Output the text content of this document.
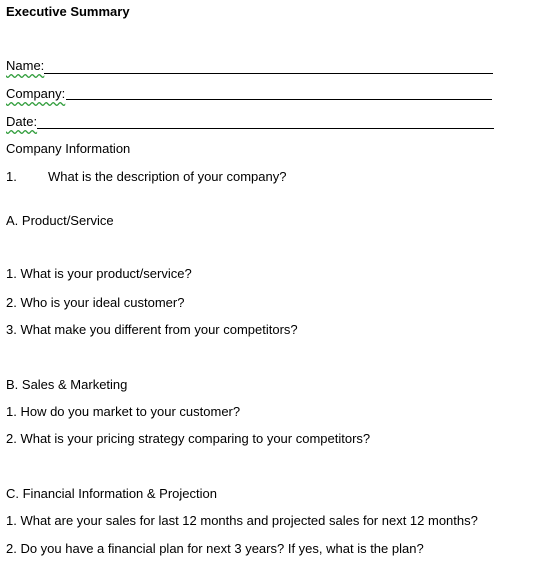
Executive Summary
Name:
Company:
Date:
Company Information
1. What is the description of your company?
A. Product/Service
1. What is your product/service?
2. Who is your ideal customer?
3. What make you different from your competitors?
B. Sales & Marketing
1. How do you market to your customer?
2. What is your pricing strategy comparing to your competitors?
C. Financial Information & Projection
1. What are your sales for last 12 months and projected sales for next 12 months?
2. Do you have a financial plan for next 3 years? If yes, what is the plan?
